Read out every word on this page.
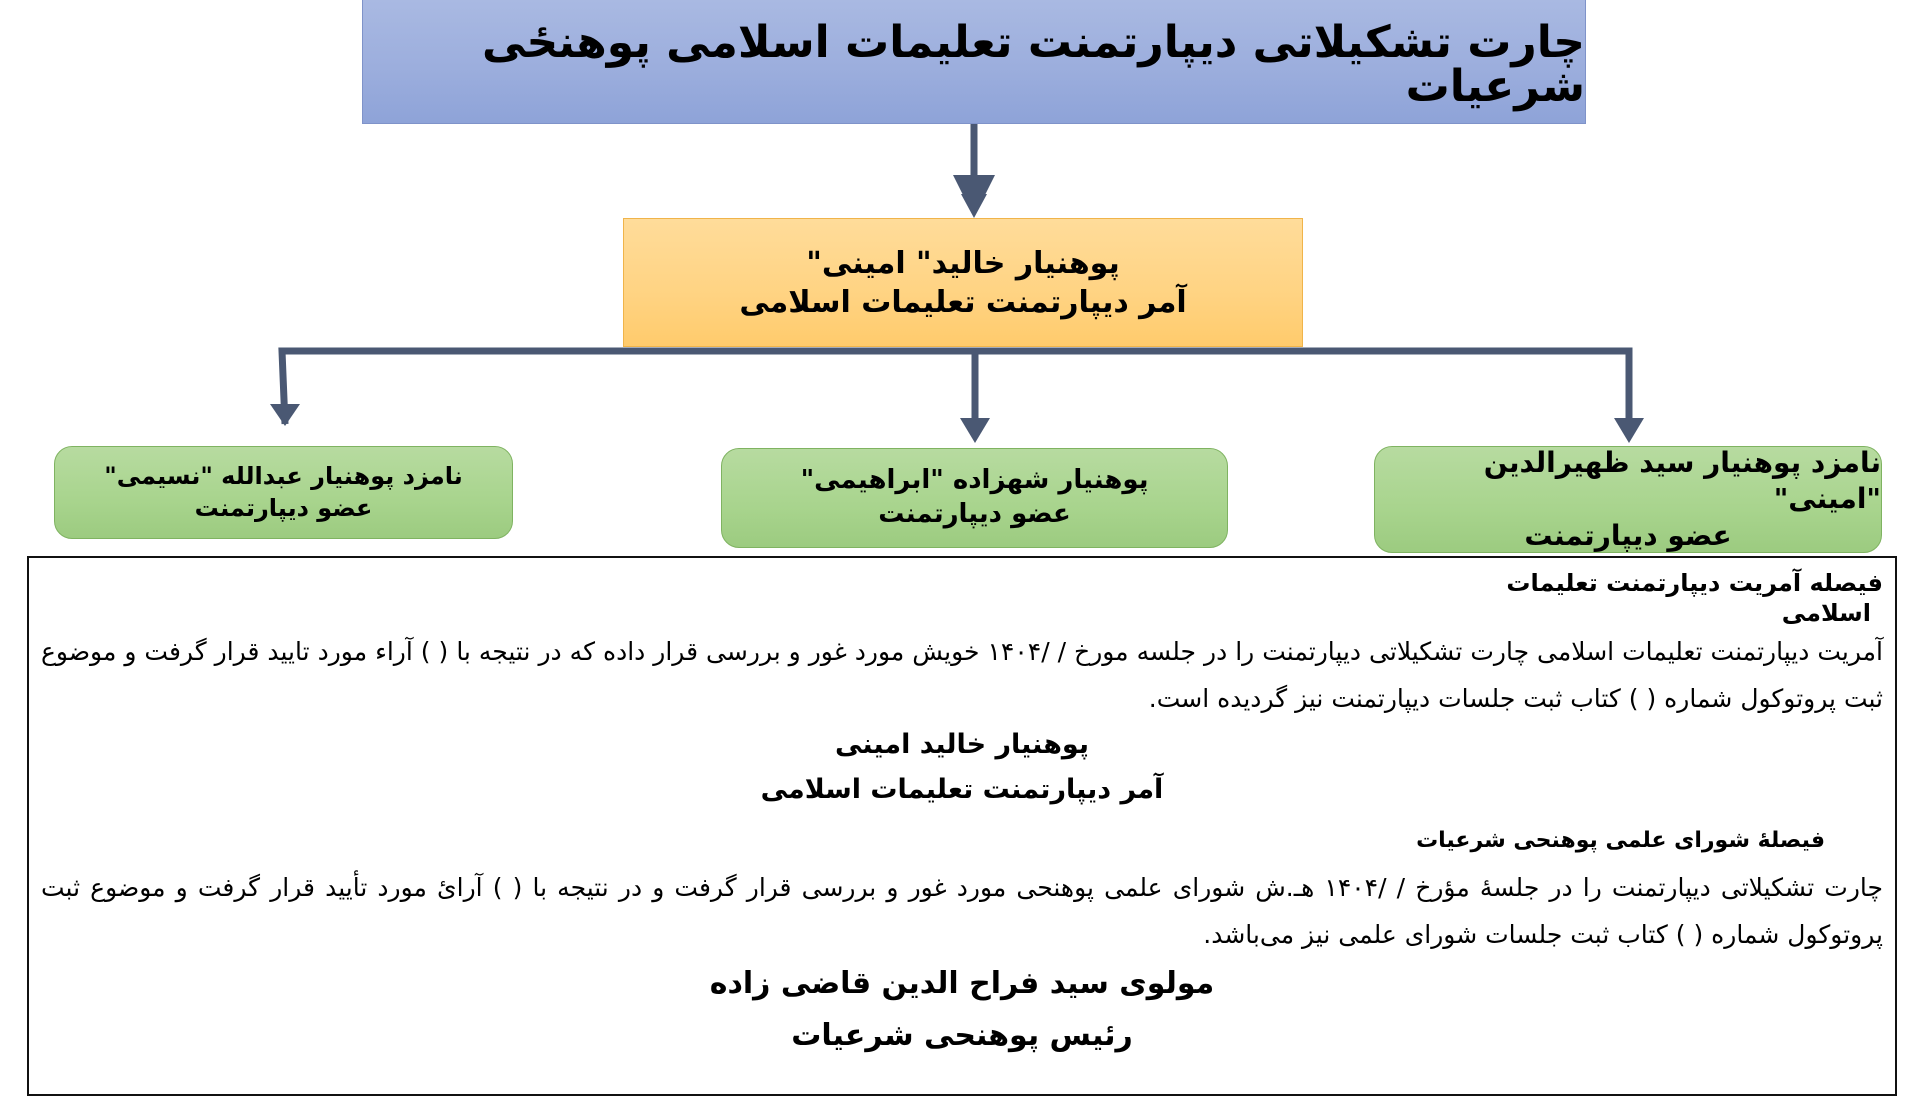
چارت تشکیلاتی دیپارتمنت تعلیمات اسلامی پوهنځی شرعیات
پوهنیار خالید" امینی"
آمر دیپارتمنت تعلیمات اسلامی
نامزد پوهنیار سید ظهیرالدین "امینی"
عضو دیپارتمنت
پوهنیار شهزاده "ابراهیمی"
عضو دیپارتمنت
نامزد پوهنیار عبدالله "نسیمی"
عضو دیپارتمنت

فیصله آمریت دیپارتمنت تعلیمات

اسلامی

آمریت دیپارتمنت تعلیمات اسلامی چارت تشکیلاتی دیپارتمنت را در جلسه مورخ / /۱۴۰۴ خویش مورد غور و بررسی قرار داده که در نتیجه با ( ) آراء مورد تایید قرار گرفت و موضوع ثبت پروتوکول شماره ( ) کتاب ثبت جلسات دیپارتمنت نیز گردیده است.

پوهنیار خالید امینی

آمر دیپارتمنت تعلیمات اسلامی

فیصلهٔ شورای علمی پوهنحی شرعیات

چارت تشکیلاتی دیپارتمنت را در جلسهٔ مؤرخ / /۱۴۰۴ هـ.ش شورای علمی پوهنحی مورد غور و بررسی قرار گرفت و در نتیجه با ( ) آرائ مورد تأیید قرار گرفت و موضوع ثبت پروتوکول شماره ( ) کتاب ثبت جلسات شورای علمی نیز می‌باشد.

مولوی سید فراح الدین قاضی زاده

رئیس پوهنحی شرعیات
